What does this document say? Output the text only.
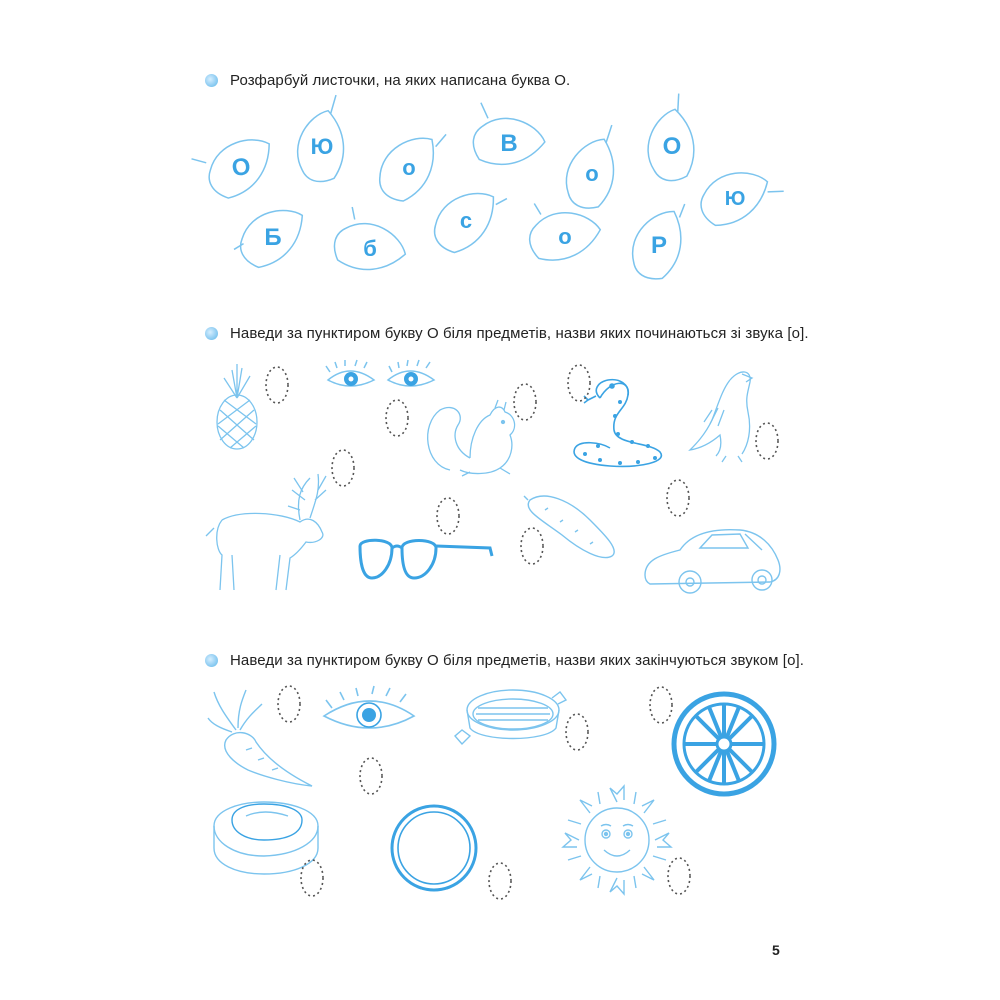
Розфарбуй листочки, на яких написана буква О.
О
Ю
о
В
о
О
Ю
Б	б
с
о	Р
Наведи за пунктиром букву О біля предметів, назви яких починаються зі звука [о].
Наведи за пунктиром букву О біля предметів, назви яких закінчуються звуком [о].
5
